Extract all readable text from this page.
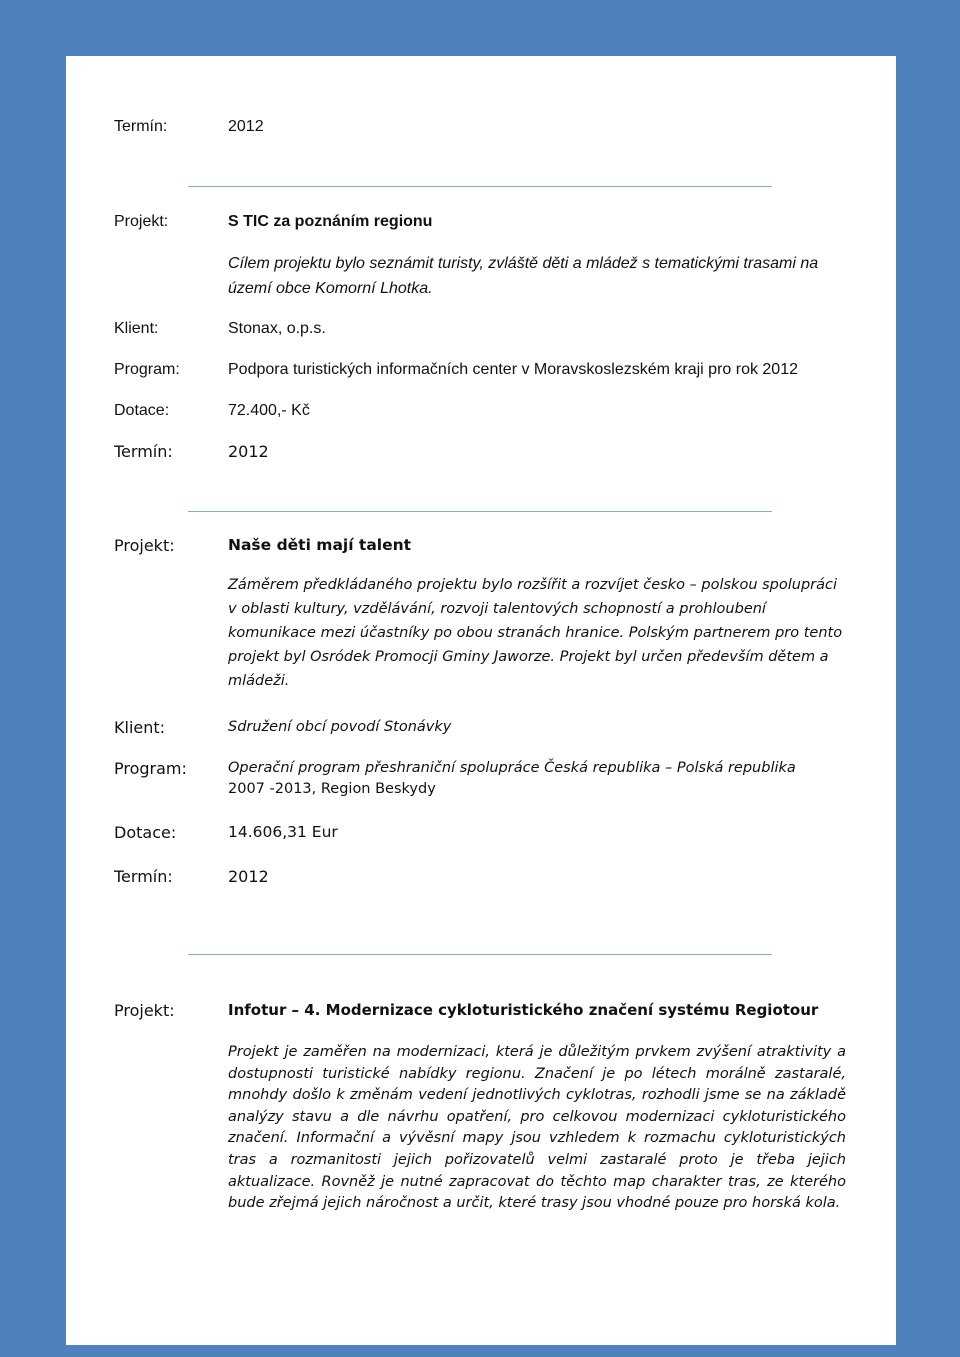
Termín:	2012
Projekt:	S TIC za poznáním regionu
Cílem projektu bylo seznámit turisty, zvláště děti a mládež s tematickými trasami na území obce Komorní Lhotka.
Klient:	Stonax, o.p.s.
Program:	Podpora turistických informačních center v Moravskoslezském kraji pro rok 2012
Dotace:	72.400,- Kč
Termín:	2012
Projekt:	Naše děti mají talent
Záměrem předkládaného projektu bylo rozšířit a rozvíjet česko – polskou spolupráci v oblasti kultury, vzdělávání, rozvoji talentových schopností a prohloubení komunikace mezi účastníky po obou stranách hranice. Polským partnerem pro tento projekt byl Osródek Promocji Gminy Jaworze. Projekt byl určen především dětem a mládeži.
Klient:	Sdružení obcí povodí Stonávky
Program:	Operační program přeshraniční spolupráce Česká republika – Polská republika
2007 -2013, Region Beskydy
Dotace:	14.606,31 Eur
Termín:	2012
Projekt:	Infotur – 4. Modernizace cykloturistického značení systému Regiotour
Projekt je zaměřen na modernizaci, která je důležitým prvkem zvýšení atraktivity a dostupnosti turistické nabídky regionu. Značení je po létech morálně zastaralé, mnohdy došlo k změnám vedení jednotlivých cyklotras, rozhodli jsme se na základě analýzy stavu a dle návrhu opatření, pro celkovou modernizaci cykloturistického značení. Informační a vývěsní mapy jsou vzhledem k rozmachu cykloturistických tras a rozmanitosti jejich pořizovatelů velmi zastaralé proto je třeba jejich aktualizace. Rovněž je nutné zapracovat do těchto map charakter tras, ze kterého bude zřejmá jejich náročnost a určit, které trasy jsou vhodné pouze pro horská kola.
